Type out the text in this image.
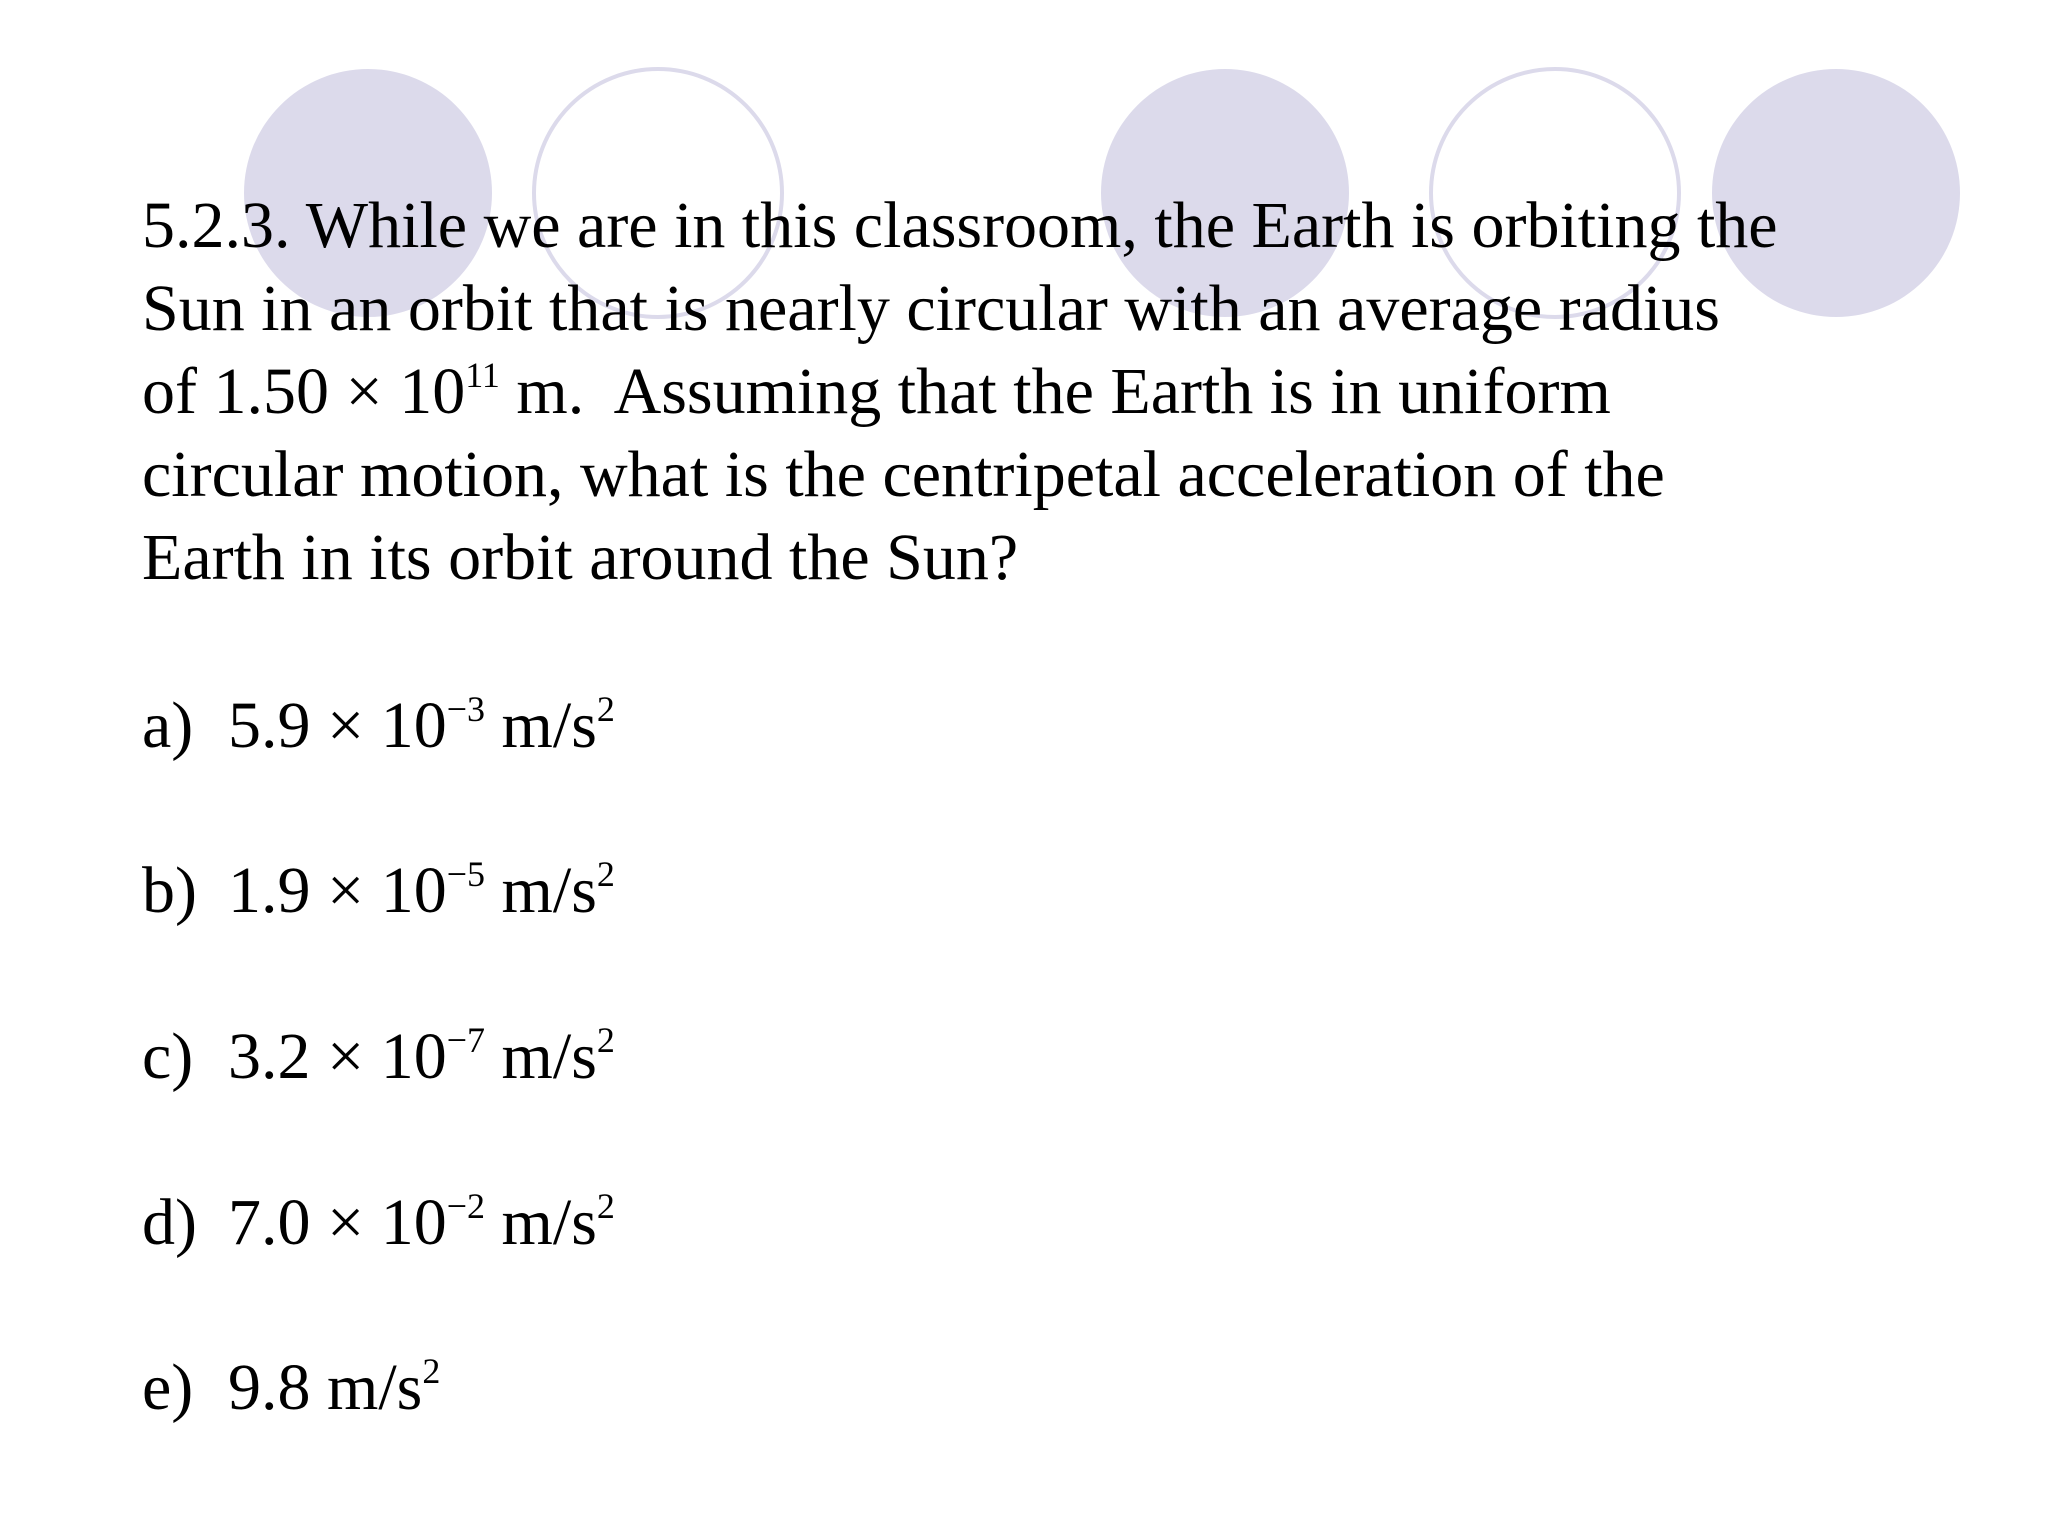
5.2.3. While we are in this classroom, the Earth is orbiting the
Sun in an orbit that is nearly circular with an average radius
of $1.50 \times 10^{11}$ m.  Assuming that the Earth is in uniform
circular motion, what is the centripetal acceleration of the
Earth in its orbit around the Sun?

a) $5.9 \times 10^{-3}$ $m/s^2$

b) $1.9 \times 10^{-5}$ $m/s^2$

c) $3.2 \times 10^{-7}$ $m/s^2$

d) $7.0 \times 10^{-2}$ $m/s^2$

e) 9.8 $m/s^2$
